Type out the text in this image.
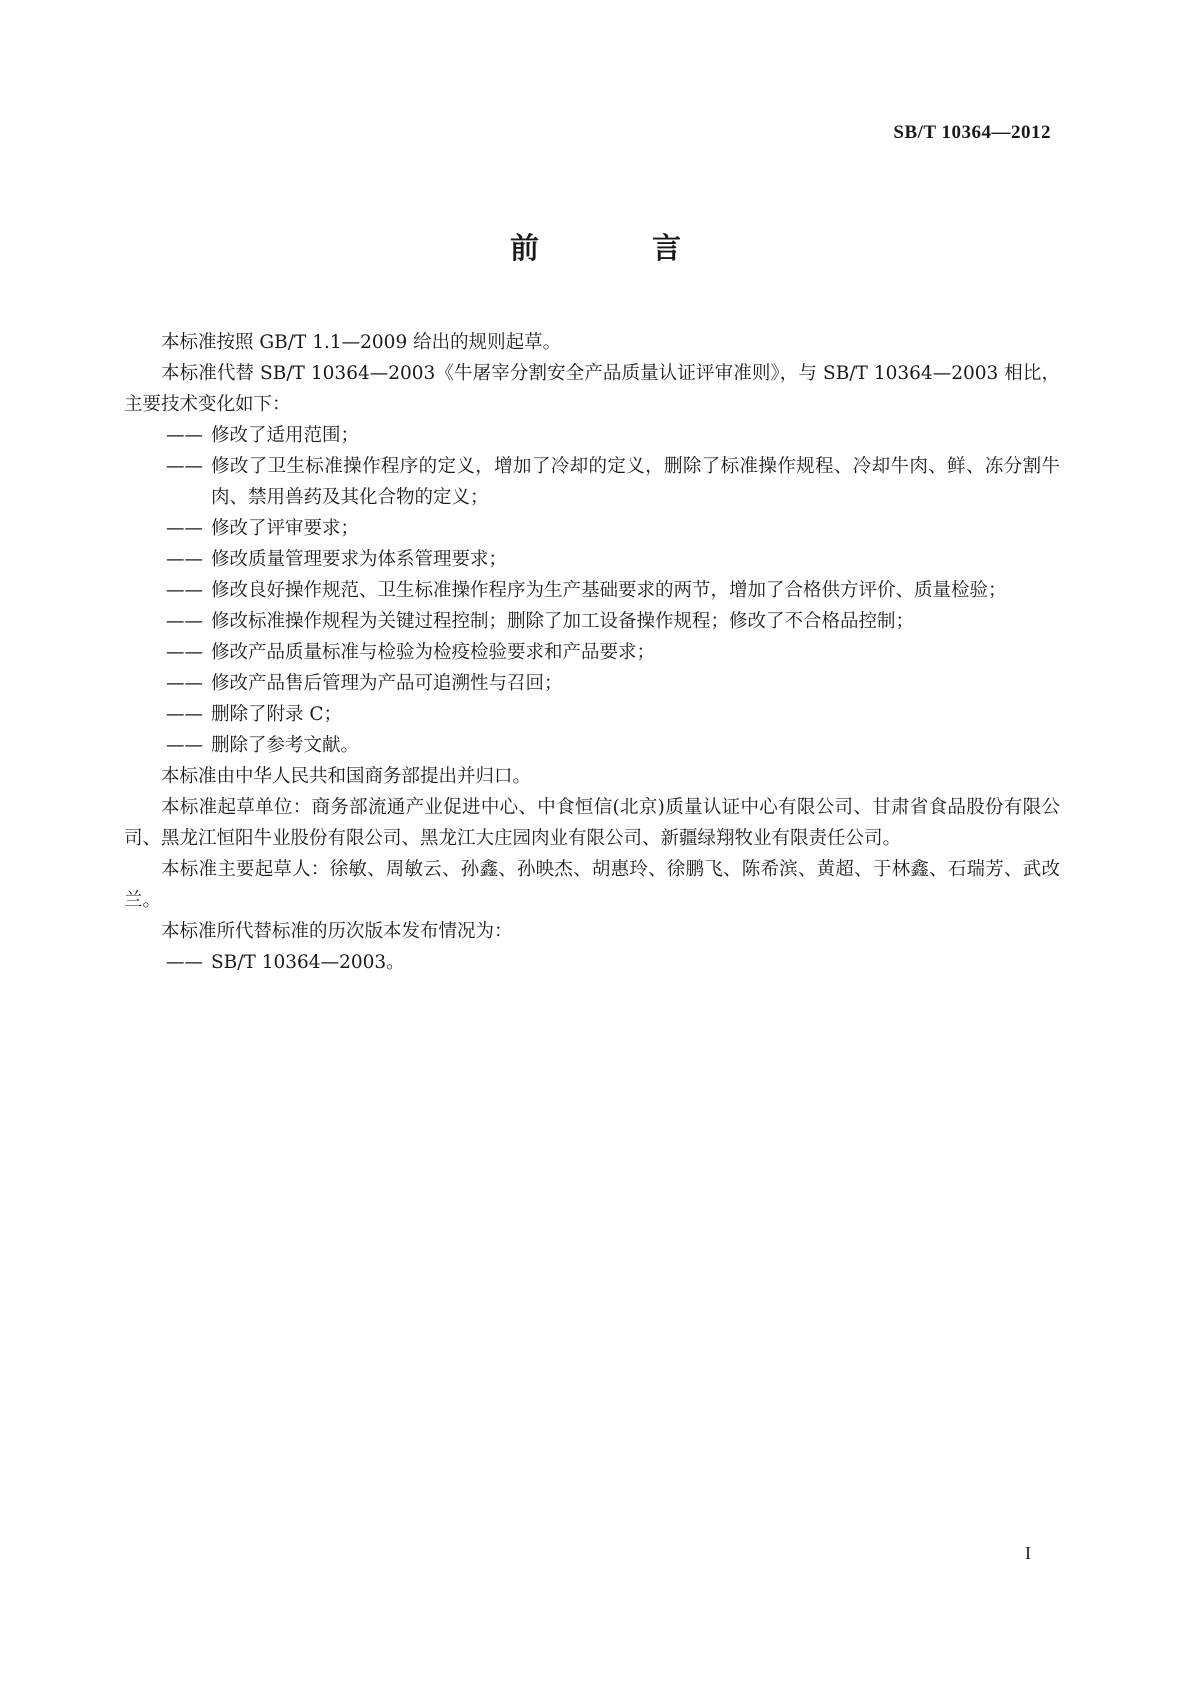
SB/T 10364—2012
前　言

本标准按照 GB/T 1.1—2009 给出的规则起草。

本标准代替 SB/T 10364—2003《牛屠宰分割安全产品质量认证评审准则》，与 SB/T 10364—2003 相比，主要技术变化如下：

—— 修改了适用范围；

—— 修改了卫生标准操作程序的定义，增加了冷却的定义，删除了标准操作规程、冷却牛肉、鲜、冻分割牛肉、禁用兽药及其化合物的定义；

—— 修改了评审要求；

—— 修改质量管理要求为体系管理要求；

—— 修改良好操作规范、卫生标准操作程序为生产基础要求的两节，增加了合格供方评价、质量检验；

—— 修改标准操作规程为关键过程控制；删除了加工设备操作规程；修改了不合格品控制；

—— 修改产品质量标准与检验为检疫检验要求和产品要求；

—— 修改产品售后管理为产品可追溯性与召回；

—— 删除了附录 C；

—— 删除了参考文献。

本标准由中华人民共和国商务部提出并归口。

本标准起草单位：商务部流通产业促进中心、中食恒信(北京)质量认证中心有限公司、甘肃省食品股份有限公司、黑龙江恒阳牛业股份有限公司、黑龙江大庄园肉业有限公司、新疆绿翔牧业有限责任公司。

本标准主要起草人：徐敏、周敏云、孙鑫、孙映杰、胡惠玲、徐鹏飞、陈希滨、黄超、于林鑫、石瑞芳、武改兰。

本标准所代替标准的历次版本发布情况为：

—— SB/T 10364—2003。

I
